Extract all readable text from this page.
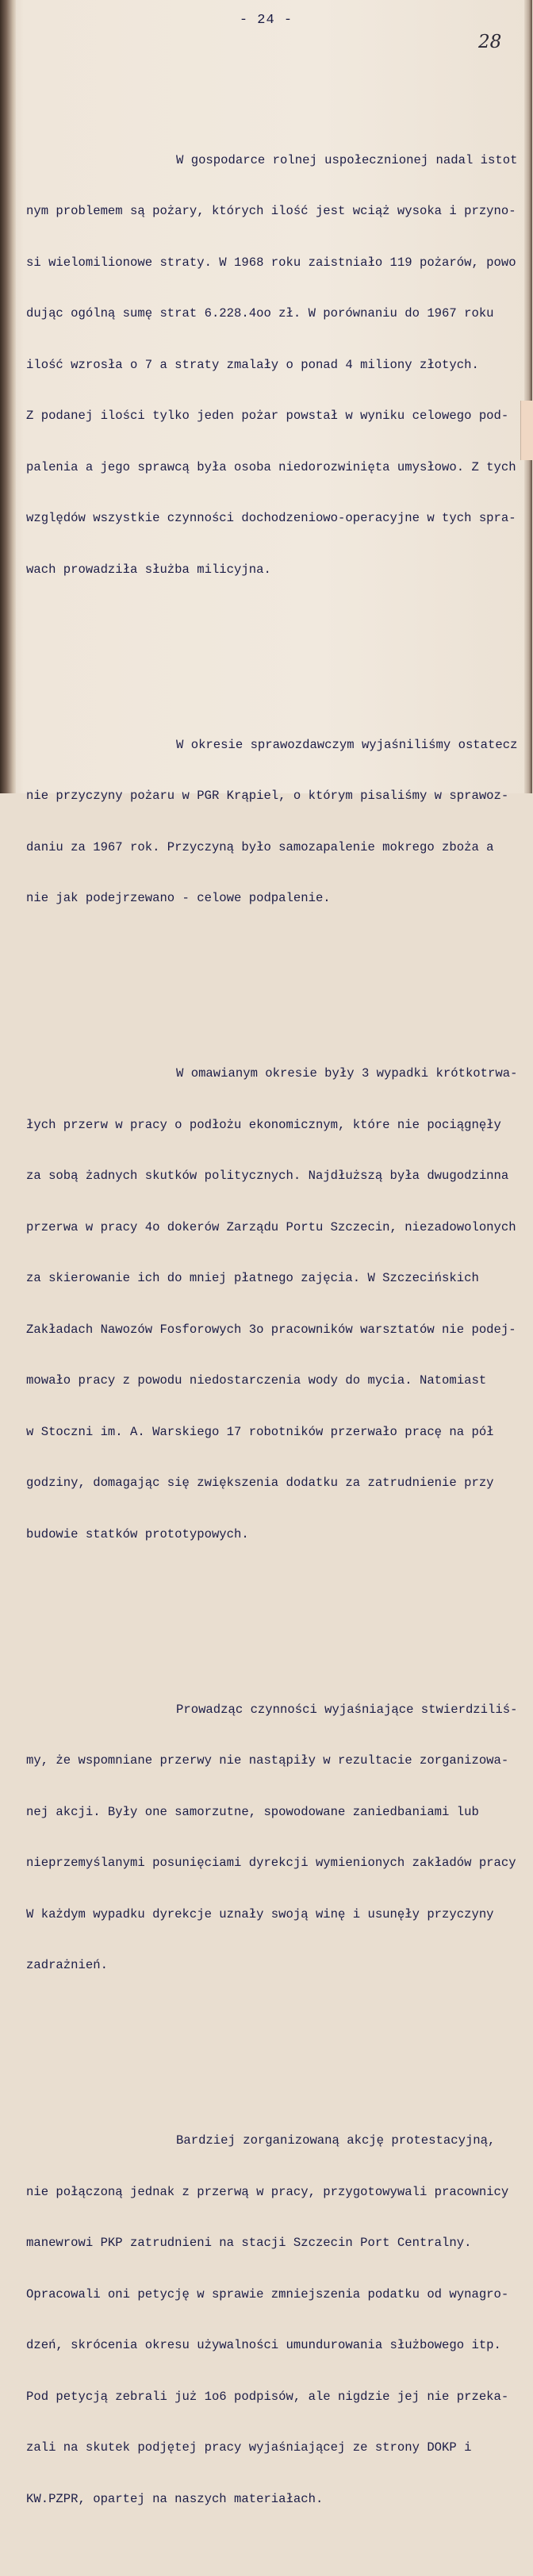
- 24 -
28

W gospodarce rolnej uspołecznionej nadal istot

nym problemem są pożary, których ilość jest wciąż wysoka i przyno-

si wielomilionowe straty. W 1968 roku zaistniało 119 pożarów, powo

dując ogólną sumę strat 6.228.4oo zł. W porównaniu do 1967 roku

ilość wzrosła o 7 a straty zmalały o ponad 4 miliony złotych.

Z podanej ilości tylko jeden pożar powstał w wyniku celowego pod-

palenia a jego sprawcą była osoba niedorozwinięta umysłowo. Z tych

względów wszystkie czynności dochodzeniowo-operacyjne w tych spra-

wach prowadziła służba milicyjna.

W okresie sprawozdawczym wyjaśniliśmy ostatecz

nie przyczyny pożaru w PGR Krąpiel, o którym pisaliśmy w sprawoz-

daniu za 1967 rok. Przyczyną było samozapalenie mokrego zboża a

nie jak podejrzewano - celowe podpalenie.

W omawianym okresie były 3 wypadki krótkotrwa-

łych przerw w pracy o podłożu ekonomicznym, które nie pociągnęły

za sobą żadnych skutków politycznych. Najdłuższą była dwugodzinna

przerwa w pracy 4o dokerów Zarządu Portu Szczecin, niezadowolonych

za skierowanie ich do mniej płatnego zajęcia. W Szczecińskich

Zakładach Nawozów Fosforowych 3o pracowników warsztatów nie podej-

mowało pracy z powodu niedostarczenia wody do mycia. Natomiast

w Stoczni im. A. Warskiego 17 robotników przerwało pracę na pół

godziny, domagając się zwiększenia dodatku za zatrudnienie przy

budowie statków prototypowych.

Prowadząc czynności wyjaśniające stwierdziliś-

my, że wspomniane przerwy nie nastąpiły w rezultacie zorganizowa-

nej akcji. Były one samorzutne, spowodowane zaniedbaniami lub

nieprzemyślanymi posunięciami dyrekcji wymienionych zakładów pracy

W każdym wypadku dyrekcje uznały swoją winę i usunęły przyczyny

zadrażnień.

Bardziej zorganizowaną akcję protestacyjną,

nie połączoną jednak z przerwą w pracy, przygotowywali pracownicy

manewrowi PKP zatrudnieni na stacji Szczecin Port Centralny.

Opracowali oni petycję w sprawie zmniejszenia podatku od wynagro-

dzeń, skrócenia okresu używalności umundurowania służbowego itp.

Pod petycją zebrali już 1o6 podpisów, ale nigdzie jej nie przeka-

zali na skutek podjętej pracy wyjaśniającej ze strony DOKP i

KW.PZPR, opartej na naszych materiałach.
